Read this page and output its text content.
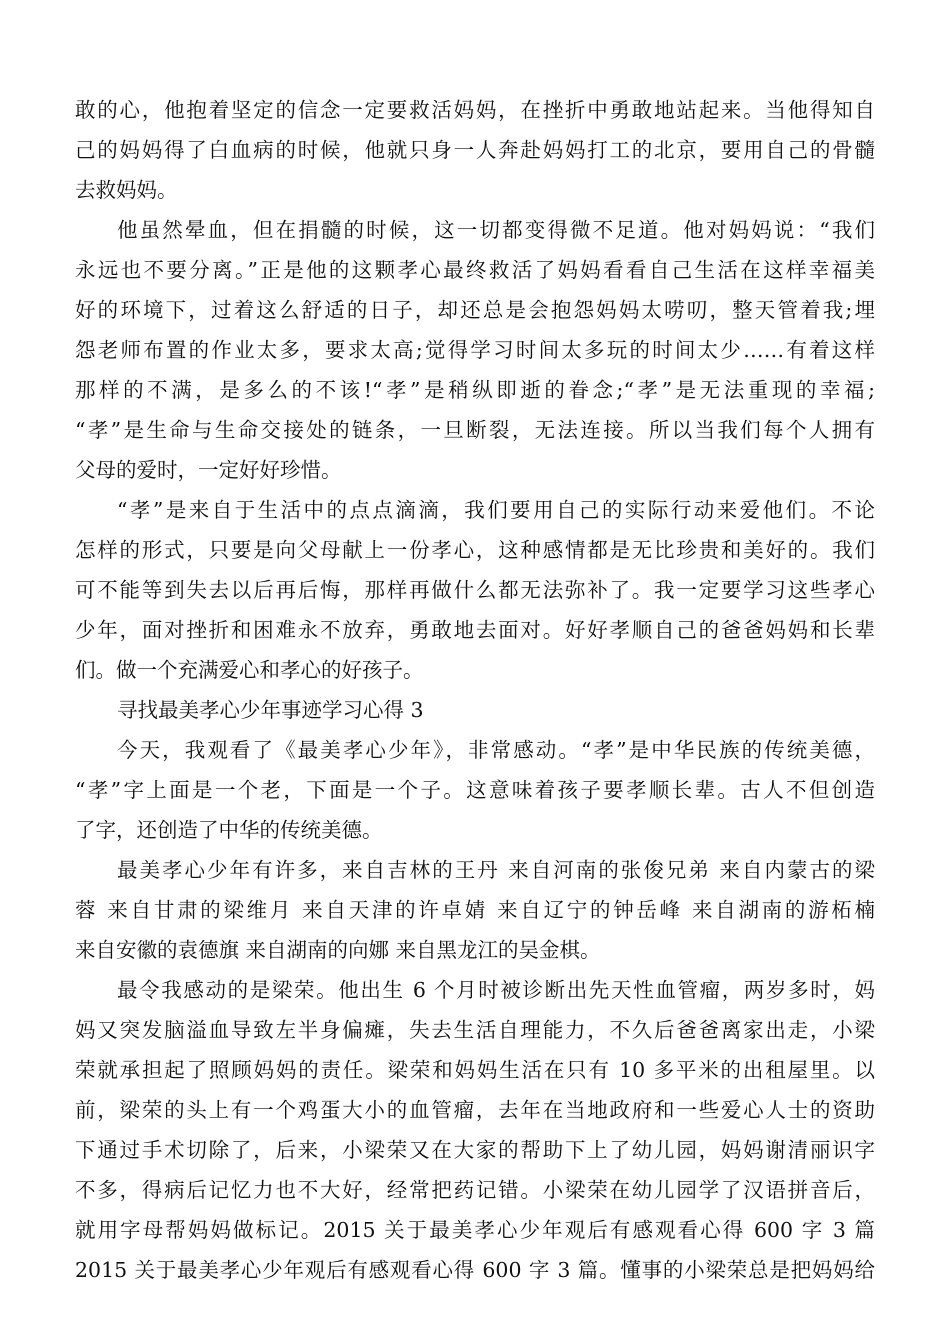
敢的心，他抱着坚定的信念一定要救活妈妈，在挫折中勇敢地站起来。当他得知自
己的妈妈得了白血病的时候，他就只身一人奔赴妈妈打工的北京，要用自己的骨髓
去救妈妈。
他虽然晕血，但在捐髓的时候，这一切都变得微不足道。他对妈妈说：“我们
永远也不要分离。”正是他的这颗孝心最终救活了妈妈看看自己生活在这样幸福美
好的环境下，过着这么舒适的日子，却还总是会抱怨妈妈太唠叨，整天管着我;埋
怨老师布置的作业太多，要求太高;觉得学习时间太多玩的时间太少……有着这样
那样的不满，是多么的不该!“孝”是稍纵即逝的眷念;“孝”是无法重现的幸福;
“孝”是生命与生命交接处的链条，一旦断裂，无法连接。所以当我们每个人拥有
父母的爱时，一定好好珍惜。
“孝”是来自于生活中的点点滴滴，我们要用自己的实际行动来爱他们。不论
怎样的形式，只要是向父母献上一份孝心，这种感情都是无比珍贵和美好的。我们
可不能等到失去以后再后悔，那样再做什么都无法弥补了。我一定要学习这些孝心
少年，面对挫折和困难永不放弃，勇敢地去面对。好好孝顺自己的爸爸妈妈和长辈
们。做一个充满爱心和孝心的好孩子。
寻找最美孝心少年事迹学习心得 3
今天，我观看了《最美孝心少年》，非常感动。“孝”是中华民族的传统美德，
“孝”字上面是一个老，下面是一个子。这意味着孩子要孝顺长辈。古人不但创造
了字，还创造了中华的传统美德。
最美孝心少年有许多，来自吉林的王丹 来自河南的张俊兄弟 来自内蒙古的梁
蓉 来自甘肃的梁维月 来自天津的许卓婧 来自辽宁的钟岳峰 来自湖南的游柘楠
来自安徽的袁德旗 来自湖南的向娜 来自黑龙江的吴金棋。
最令我感动的是梁荣。他出生 6 个月时被诊断出先天性血管瘤，两岁多时，妈
妈又突发脑溢血导致左半身偏瘫，失去生活自理能力，不久后爸爸离家出走，小梁
荣就承担起了照顾妈妈的责任。梁荣和妈妈生活在只有 10 多平米的出租屋里。以
前，梁荣的头上有一个鸡蛋大小的血管瘤，去年在当地政府和一些爱心人士的资助
下通过手术切除了，后来，小梁荣又在大家的帮助下上了幼儿园，妈妈谢清丽识字
不多，得病后记忆力也不大好，经常把药记错。小梁荣在幼儿园学了汉语拼音后，
就用字母帮妈妈做标记。2015 关于最美孝心少年观后有感观看心得 600 字 3 篇
2015 关于最美孝心少年观后有感观看心得 600 字 3 篇。懂事的小梁荣总是把妈妈给
